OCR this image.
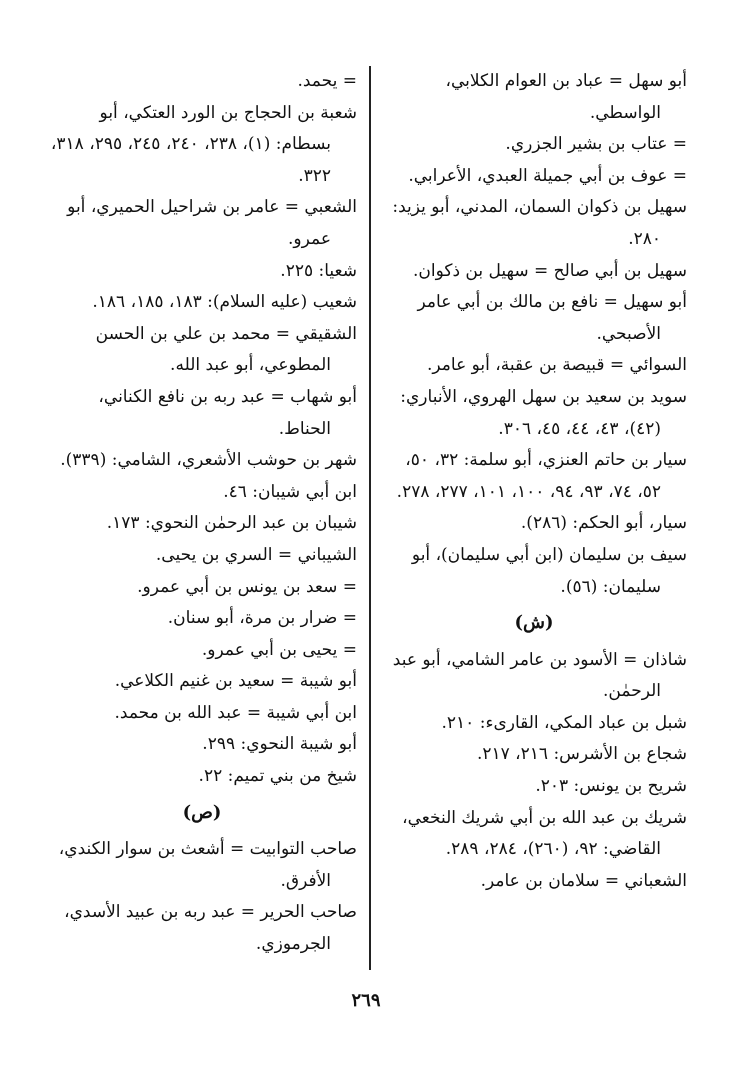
أبو سهل = عباد بن العوام الكلابي، الواسطي.

= عتاب بن بشير الجزري.

= عوف بن أبي جميلة العبدي، الأعرابي.

سهيل بن ذكوان السمان، المدني، أبو يزيد: ٢٨٠.

سهيل بن أبي صالح = سهيل بن ذكوان.

أبو سهيل = نافع بن مالك بن أبي عامر الأصبحي.

السوائي = قبيصة بن عقبة، أبو عامر.

سويد بن سعيد بن سهل الهروي، الأنباري: (٤٢)، ٤٣، ٤٤، ٤٥، ٣٠٦.

سيار بن حاتم العنزي، أبو سلمة: ٣٢، ٥٠، ٥٢، ٧٤، ٩٣، ٩٤، ١٠٠، ١٠١، ٢٧٧، ٢٧٨.

سيار، أبو الحكم: (٢٨٦).

سيف بن سليمان (ابن أبي سليمان)، أبو سليمان: (٥٦).

(ش)

شاذان = الأسود بن عامر الشامي، أبو عبد الرحمٰن.

شبل بن عباد المكي، القارىء: ٢١٠.

شجاع بن الأشرس: ٢١٦، ٢١٧.

شريح بن يونس: ٢٠٣.

شريك بن عبد الله بن أبي شريك النخعي، القاضي: ٩٢، (٢٦٠)، ٢٨٤، ٢٨٩.

الشعباني = سلامان بن عامر.

= يحمد.

شعبة بن الحجاج بن الورد العتكي، أبو بسطام: (١)، ٢٣٨، ٢٤٠، ٢٤٥، ٢٩٥، ٣١٨، ٣٢٢.

الشعبي = عامر بن شراحيل الحميري، أبو عمرو.

شعيا: ٢٢٥.

شعيب (عليه السلام): ١٨٣، ١٨٥، ١٨٦.

الشقيقي = محمد بن علي بن الحسن المطوعي، أبو عبد الله.

أبو شهاب = عبد ربه بن نافع الكناني، الحناط.

شهر بن حوشب الأشعري، الشامي: (٣٣٩).

ابن أبي شيبان: ٤٦.

شيبان بن عبد الرحمٰن النحوي: ١٧٣.

الشيباني = السري بن يحيى.

= سعد بن يونس بن أبي عمرو.

= ضرار بن مرة، أبو سنان.

= يحيى بن أبي عمرو.

أبو شيبة = سعيد بن غنيم الكلاعي.

ابن أبي شيبة = عبد الله بن محمد.

أبو شيبة النحوي: ٢٩٩.

شيخ من بني تميم: ٢٢.

(ص)

صاحب التوابيت = أشعث بن سوار الكندي، الأفرق.

صاحب الحرير = عبد ربه بن عبيد الأسدي، الجرموزي.

٢٦٩
